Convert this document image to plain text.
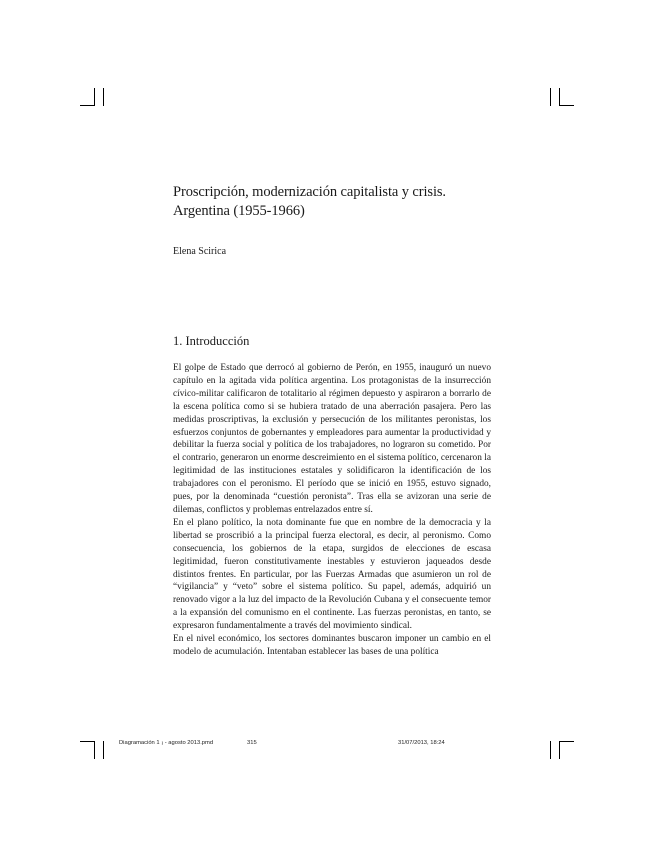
Proscripción, modernización capitalista y crisis.
Argentina (1955-1966)
Elena Scirica
1. Introducción

El golpe de Estado que derrocó al gobierno de Perón, en 1955, inauguró un nuevo capítulo en la agitada vida política argentina. Los protagonistas de la insurrección cívico-militar calificaron de totalitario al régimen depuesto y aspiraron a borrarlo de la escena política como si se hubiera tratado de una aberración pasajera. Pero las medidas proscriptivas, la exclusión y persecución de los militantes peronistas, los esfuerzos conjuntos de gobernantes y empleadores para aumentar la productividad y debilitar la fuerza social y política de los trabajadores, no lograron su cometido. Por el contrario, generaron un enorme descreimiento en el sistema político, cercenaron la legitimidad de las instituciones estatales y solidificaron la identificación de los trabajadores con el peronismo. El período que se inició en 1955, estuvo signado, pues, por la denominada “cuestión peronista”. Tras ella se avizoran una serie de dilemas, conflictos y problemas entrelazados entre sí.

En el plano político, la nota dominante fue que en nombre de la democracia y la libertad se proscribió a la principal fuerza electoral, es decir, al peronismo. Como consecuencia, los gobiernos de la etapa, surgidos de elecciones de escasa legitimidad, fueron constitutivamente inestables y estuvieron jaqueados desde distintos frentes. En particular, por las Fuerzas Armadas que asumieron un rol de “vigilancia” y “veto” sobre el sistema político. Su papel, además, adquirió un renovado vigor a la luz del impacto de la Revolución Cubana y el consecuente temor a la expansión del comunismo en el continente. Las fuerzas peronistas, en tanto, se expresaron fundamentalmente a través del movimiento sindical.

En el nivel económico, los sectores dominantes buscaron imponer un cambio en el modelo de acumulación. Intentaban establecer las bases de una política

Diagramación 1 ¡ - agosto 2013.pmd	315	31/07/2013, 18:24
